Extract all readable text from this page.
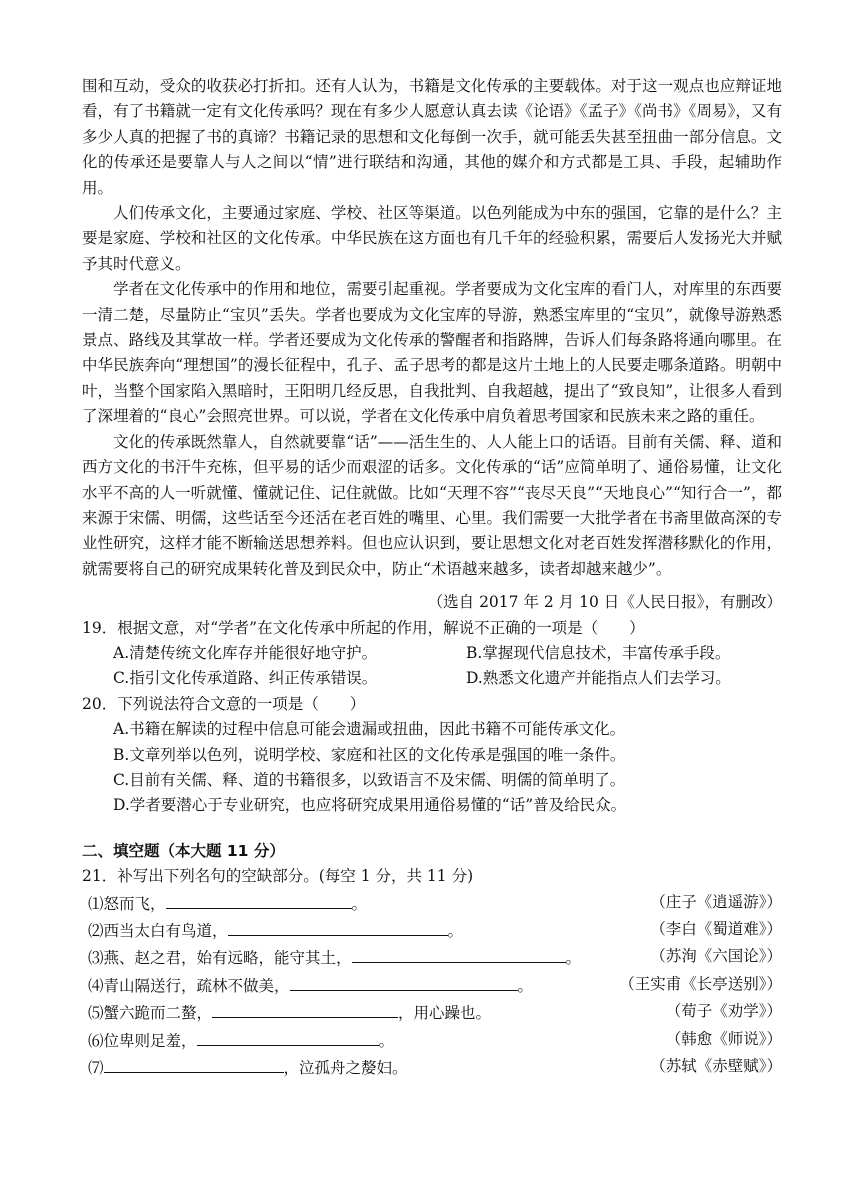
围和互动，受众的收获必打折扣。还有人认为，书籍是文化传承的主要载体。对于这一观点也应辩证地看，有了书籍就一定有文化传承吗？现在有多少人愿意认真去读《论语》《孟子》《尚书》《周易》，又有多少人真的把握了书的真谛？书籍记录的思想和文化每倒一次手，就可能丢失甚至扭曲一部分信息。文化的传承还是要靠人与人之间以“情”进行联结和沟通，其他的媒介和方式都是工具、手段，起辅助作用。

人们传承文化，主要通过家庭、学校、社区等渠道。以色列能成为中东的强国，它靠的是什么？主要是家庭、学校和社区的文化传承。中华民族在这方面也有几千年的经验积累，需要后人发扬光大并赋予其时代意义。

学者在文化传承中的作用和地位，需要引起重视。学者要成为文化宝库的看门人，对库里的东西要一清二楚，尽量防止“宝贝”丢失。学者也要成为文化宝库的导游，熟悉宝库里的“宝贝”，就像导游熟悉景点、路线及其掌故一样。学者还要成为文化传承的警醒者和指路牌，告诉人们每条路将通向哪里。在中华民族奔向“理想国”的漫长征程中，孔子、孟子思考的都是这片土地上的人民要走哪条道路。明朝中叶，当整个国家陷入黑暗时，王阳明几经反思，自我批判、自我超越，提出了“致良知”，让很多人看到了深埋着的“良心”会照亮世界。可以说，学者在文化传承中肩负着思考国家和民族未来之路的重任。

文化的传承既然靠人，自然就要靠“话”——活生生的、人人能上口的话语。目前有关儒、释、道和西方文化的书汗牛充栋，但平易的话少而艰涩的话多。文化传承的“话”应简单明了、通俗易懂，让文化水平不高的人一听就懂、懂就记住、记住就做。比如“天理不容”“丧尽天良”“天地良心”“知行合一”，都来源于宋儒、明儒，这些话至今还活在老百姓的嘴里、心里。我们需要一大批学者在书斋里做高深的专业性研究，这样才能不断输送思想养料。但也应认识到，要让思想文化对老百姓发挥潜移默化的作用，就需要将自己的研究成果转化普及到民众中，防止“术语越来越多，读者却越来越少”。

（选自 2017 年 2 月 10 日《人民日报》，有删改）

19．根据文意，对“学者”在文化传承中所起的作用，解说不正确的一项是（　　）
A.清楚传统文化库存并能很好地守护。	B.掌握现代信息技术，丰富传承手段。
C.指引文化传承道路、纠正传承错误。	D.熟悉文化遗产并能指点人们去学习。
20．下列说法符合文意的一项是（　　）
A.书籍在解读的过程中信息可能会遗漏或扭曲，因此书籍不可能传承文化。
B.文章列举以色列，说明学校、家庭和社区的文化传承是强国的唯一条件。
C.目前有关儒、释、道的书籍很多，以致语言不及宋儒、明儒的简单明了。
D.学者要潜心于专业研究，也应将研究成果用通俗易懂的“话”普及给民众。
二、填空题（本大题 11 分）
21．补写出下列名句的空缺部分。(每空 1 分，共 11 分)
⑴怒而飞，	。	（庄子《逍遥游》）
⑵西当太白有鸟道，	。	（李白《蜀道难》）
⑶燕、赵之君，始有远略，能守其土，	。	（苏洵《六国论》）
⑷青山隔送行，疏林不做美，	。	（王实甫《长亭送别》）
⑸蟹六跪而二螯，	，用心躁也。	（荀子《劝学》）
⑹位卑则足羞，	。	（韩愈《师说》）
⑺	，泣孤舟之嫠妇。	（苏轼《赤壁赋》）
